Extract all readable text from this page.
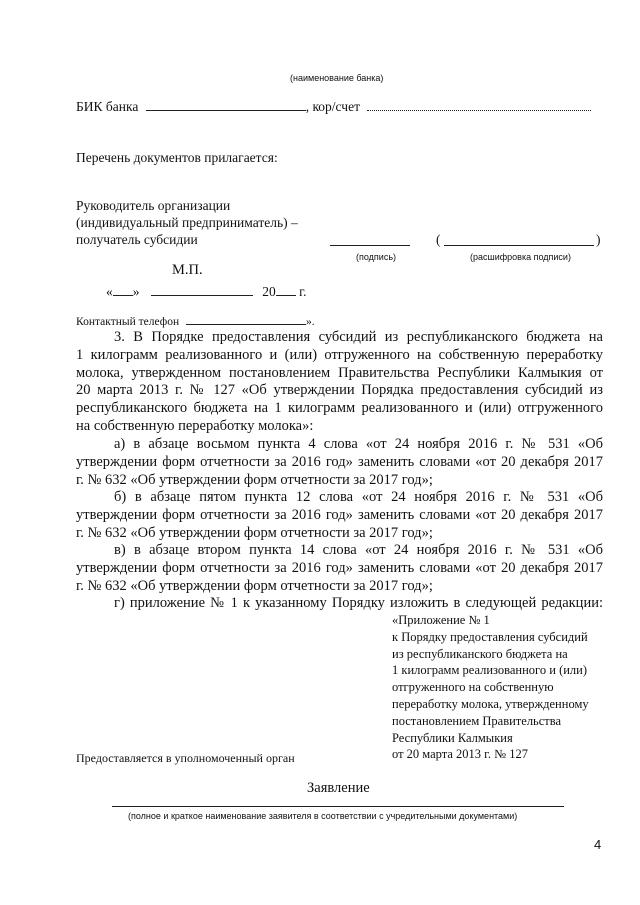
(наименование банка)
БИК банка	, кор/счет
Перечень документов прилагается:
Руководитель организации
(индивидуальный предприниматель) –
получатель субсидии
(подпись)
(	)
(расшифровка подписи)
М.П.
« »	20 г.
Контактный телефон	».
3. В Порядке предоставления субсидий из республиканского бюджета на
1 килограмм реализованного и (или) отгруженного на собственную переработку
молока, утвержденном постановлением Правительства Республики Калмыкия от
20 марта 2013 г. № 127 «Об утверждении Порядка предоставления субсидий из
республиканского бюджета на 1 килограмм реализованного и (или) отгруженного
на собственную переработку молока»:
а) в абзаце восьмом пункта 4 слова «от 24 ноября 2016 г. № 531 «Об
утверждении форм отчетности за 2016 год» заменить словами «от 20 декабря 2017
г. № 632 «Об утверждении форм отчетности за 2017 год»;
б) в абзаце пятом пункта 12 слова «от 24 ноября 2016 г. № 531 «Об
утверждении форм отчетности за 2016 год» заменить словами «от 20 декабря 2017
г. № 632 «Об утверждении форм отчетности за 2017 год»;
в) в абзаце втором пункта 14 слова «от 24 ноября 2016 г. № 531 «Об
утверждении форм отчетности за 2016 год» заменить словами «от 20 декабря 2017
г. № 632 «Об утверждении форм отчетности за 2017 год»;
г) приложение № 1 к указанному Порядку изложить в следующей редакции:
«Приложение № 1
к Порядку предоставления субсидий
из республиканского бюджета на
1 килограмм реализованного и (или)
отгруженного на собственную
переработку молока, утвержденному
постановлением Правительства
Республики Калмыкия
от 20 марта 2013 г. № 127
Предоставляется в уполномоченный орган
Заявление
(полное и краткое наименование заявителя в соответствии с учредительными документами)
4
